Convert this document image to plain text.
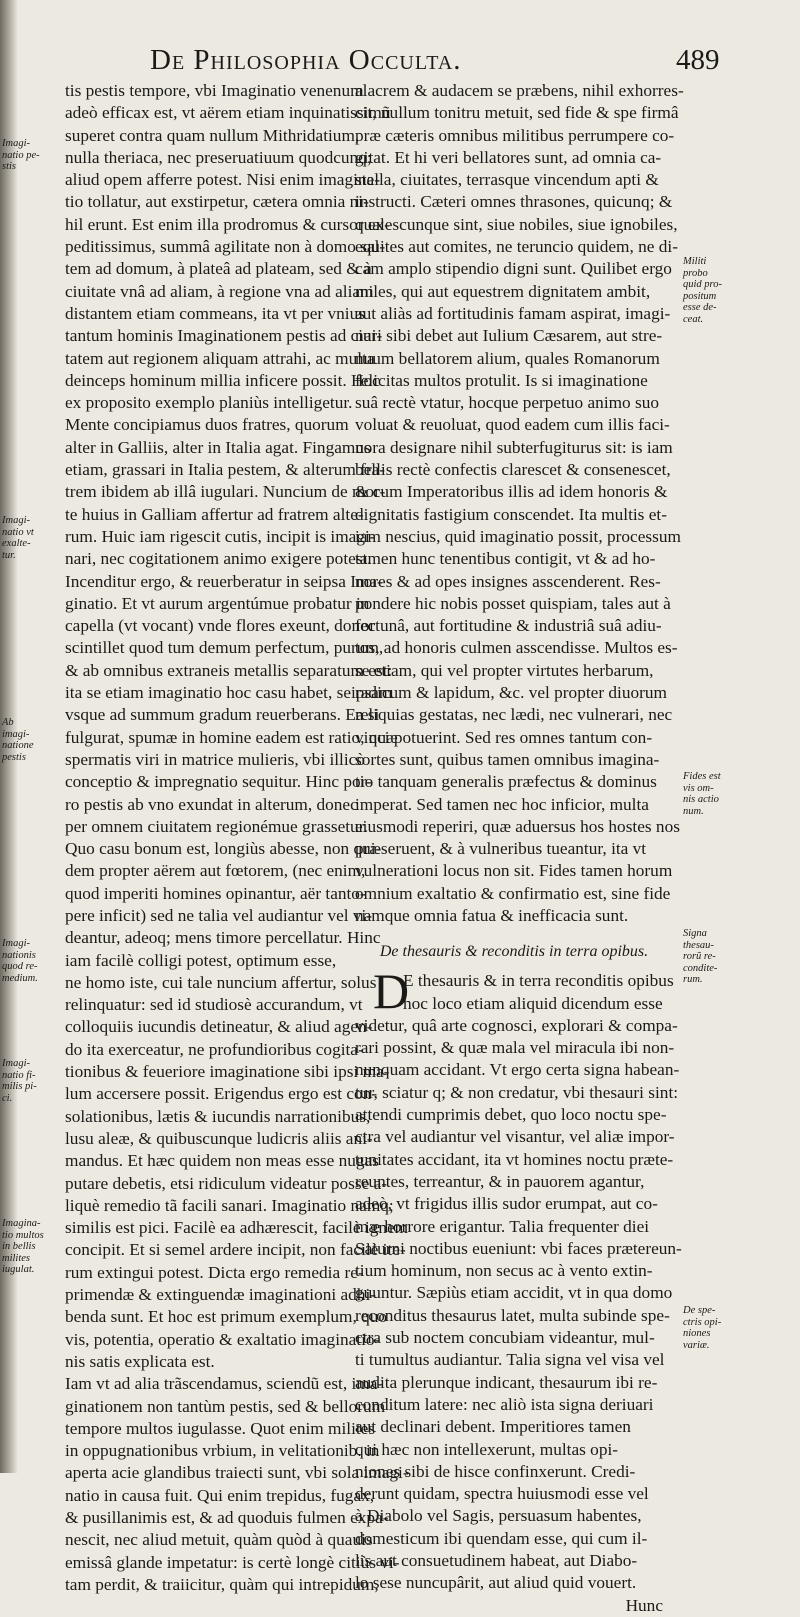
De Philosophia Occulta.	489
tis pestis tempore, vbi Imaginatio venenum
adeò efficax est, vt aërem etiam inquinatissimũ
superet contra quam nullum Mithridatium,
nulla theriaca, nec preseruatiuum quodcunq;
aliud opem afferre potest. Nisi enim imagina-
tio tollatur, aut exstirpetur, cætera omnia ni-
hil erunt. Est enim illa prodromus & cursor ex-
peditissimus, summâ agilitate non à domo sal-
tem ad domum, à plateâ ad plateam, sed & à
ciuitate vnâ ad aliam, à regione vna ad aliam
distantem etiam commeans, ita vt per vnius
tantum hominis Imaginationem pestis ad ciui-
tatem aut regionem aliquam attrahi, ac multa
deinceps hominum millia inficere possit. Hoc
ex proposito exemplo planiùs intelligetur.
Mente concipiamus duos fratres, quorum
alter in Galliis, alter in Italia agat. Fingamus
etiam, grassari in Italia pestem, & alterum fra-
trem ibidem ab illâ iugulari. Nuncium de mor-
te huius in Galliam affertur ad fratrem alte-
rum. Huic iam rigescit cutis, incipit is imagi-
nari, nec cogitationem animo exigere potest.
Incenditur ergo, & reuerberatur in seipsa Ima-
ginatio. Et vt aurum argentúmue probatur in
capella (vt vocant) vnde flores exeunt, donec
scintillet quod tum demum perfectum, purum,
& ab omnibus extraneis metallis separatum est:
ita se etiam imaginatio hoc casu habet, seipsam
vsque ad summum gradum reuerberans. Ea si
fulgurat, spumæ in homine eadem est ratio, quæ
spermatis viri in matrice mulieris, vbi illicò
conceptio & impregnatio sequitur. Hinc por-
ro pestis ab vno exundat in alterum, donec
per omnem ciuitatem regionémue grassetur.
Quo casu bonum est, longiùs abesse, non qui-
dem propter aërem aut fœtorem, (nec enim,
quod imperiti homines opinantur, aër tanto-
pere inficit) sed ne talia vel audiantur vel vi-
deantur, adeoq; mens timore percellatur. Hinc
iam facilè colligi potest, optimum esse,
ne homo iste, cui tale nuncium affertur, solus
relinquatur: sed id studiosè accurandum, vt
colloquiis iucundis detineatur, & aliud agen-
do ita exerceatur, ne profundioribus cogita-
tionibus & feueriore imaginatione sibi ipsi ma-
lum accersere possit. Erigendus ergo est con-
solationibus, lætis & iucundis narrationibus,
lusu aleæ, & quibuscunque ludicris aliis ani-
mandus. Et hæc quidem non meas esse nugas
putare debetis, etsi ridiculum videatur posse a-
liquè remedio tã facili sanari. Imaginatio namq;
similis est pici. Facilè ea adhærescit, facilè ignem
concipit. Et si semel ardere incipit, non facilè ite-
rum extingui potest. Dicta ergo remedia re-
primendæ & extinguendæ imaginationi adhi-
benda sunt. Et hoc est primum exemplum, quo
vis, potentia, operatio & exaltatio imaginatio-
nis satis explicata est.
Iam vt ad alia trãscendamus, sciendũ est, ima-
ginationem non tantùm pestis, sed & bellorum
tempore multos iugulasse. Quot enim milites
in oppugnationibus vrbium, in velitationib. in
aperta acie glandibus traiecti sunt, vbi sola imagi-
natio in causa fuit. Qui enim trepidus, fugax,
& pusillanimis est, & ad quoduis fulmen expa-
nescit, nec aliud metuit, quàm quòd à quauis
emissâ glande impetatur: is certè longè citiùs vi-
tam perdit, & traiicitur, quàm qui intrepidum,
alacrem & audacem se præbens, nihil exhorres-
cit, nullum tonitru metuit, sed fide & spe firmâ
præ cæteris omnibus militibus perrumpere co-
gitat. Et hi veri bellatores sunt, ad omnia ca-
stella, ciuitates, terrasque vincendum apti &
instructi. Cæteri omnes thrasones, quicunq; &
qualescunque sint, siue nobiles, siue ignobiles,
equites aut comites, ne teruncio quidem, ne di-
cam amplo stipendio digni sunt. Quilibet ergo
miles, qui aut equestrem dignitatem ambit,
aut aliàs ad fortitudinis famam aspirat, imagi-
nari sibi debet aut Iulium Cæsarem, aut stre-
nuum bellatorem alium, quales Romanorum
felicitas multos protulit. Is si imaginatione
suâ rectè vtatur, hocque perpetuo animo suo
voluat & reuoluat, quod eadem cum illis faci-
nora designare nihil subterfugiturus sit: is iam
bellis rectè confectis clarescet & consenescet,
& cum Imperatoribus illis ad idem honoris &
dignitatis fastigium conscendet. Ita multis et-
iam nescius, quid imaginatio possit, processum
tamen hunc tenentibus contigit, vt & ad ho-
nores & ad opes insignes asscenderent. Res-
pondere hic nobis posset quispiam, tales aut à
fortunâ, aut fortitudine & industriâ suâ adiu-
tos, ad honoris culmen asscendisse. Multos es-
se etiam, qui vel propter virtutes herbarum,
radicum & lapidum, &c. vel propter diuorum
reliquias gestatas, nec lædi, nec vulnerari, nec
vinci potuerint. Sed res omnes tantum con-
sortes sunt, quibus tamen omnibus imagina-
tio tanquam generalis præfectus & dominus
imperat. Sed tamen nec hoc inficior, multa
eiusmodi reperiri, quæ aduersus hos hostes nos
præseruent, & à vulneribus tueantur, ita vt
vulnerationi locus non sit. Fides tamen horum
omnium exaltatio & confirmatio est, sine fide
namque omnia fatua & inefficacia sunt.
De thesauris & reconditis in terra opibus.
D
E thesauris & in terra reconditis opibus
hoc loco etiam aliquid dicendum esse
videtur, quâ arte cognosci, explorari & compa-
rari possint, & quæ mala vel miracula ibi non-
nunquam accidant. Vt ergo certa signa habean-
tur, sciatur q; & non credatur, vbi thesauri sint:
attendi cumprimis debet, quo loco noctu spe-
ctra vel audiantur vel visantur, vel aliæ impor-
tunitates accidant, ita vt homines noctu præte-
reuntes, terreantur, & in pauorem agantur,
adeò, vt frigidus illis sudor erumpat, aut co-
mæ horrore erigantur. Talia frequenter diei
Saturni noctibus eueniunt: vbi faces prætereun-
tium hominum, non secus ac à vento extin-
guuntur. Sæpiùs etiam accidit, vt in qua domo
reconditus thesaurus latet, multa subinde spe-
ctra sub noctem concubiam videantur, mul-
ti tumultus audiantur. Talia signa vel visa vel
audita plerunque indicant, thesaurum ibi re-
conditum latere: nec aliò ista signa deriuari
aut declinari debent. Imperitiores tamen
qui hæc non intellexerunt, multas opi-
niones sibi de hisce confinxerunt. Credi-
derunt quidam, spectra huiusmodi esse vel
à Diabolo vel Sagis, persuasum habentes,
domesticum ibi quendam esse, qui cum il-
lis aut consuetudinem habeat, aut Diabo-
lo sese nuncupârit, aut aliud quid vouert.
Hunc
Imagi-
natio pe-
stis
Imagi-
natio vt
exalte-
tur.
Ab
imagi-
natione
pestis
Imagi-
nationis
quod re-
medium.
Imagi-
natio fi-
milis pi-
ci.
Imagina-
tio multos
in bellis
milites
iugulat.
Militi
probo
quid pro-
positum
esse de-
ceat.
Fides est
vis om-
nis actio
num.
Signa
thesau-
rorũ re-
condite-
rum.
De spe-
ctris opi-
niones
variæ.
